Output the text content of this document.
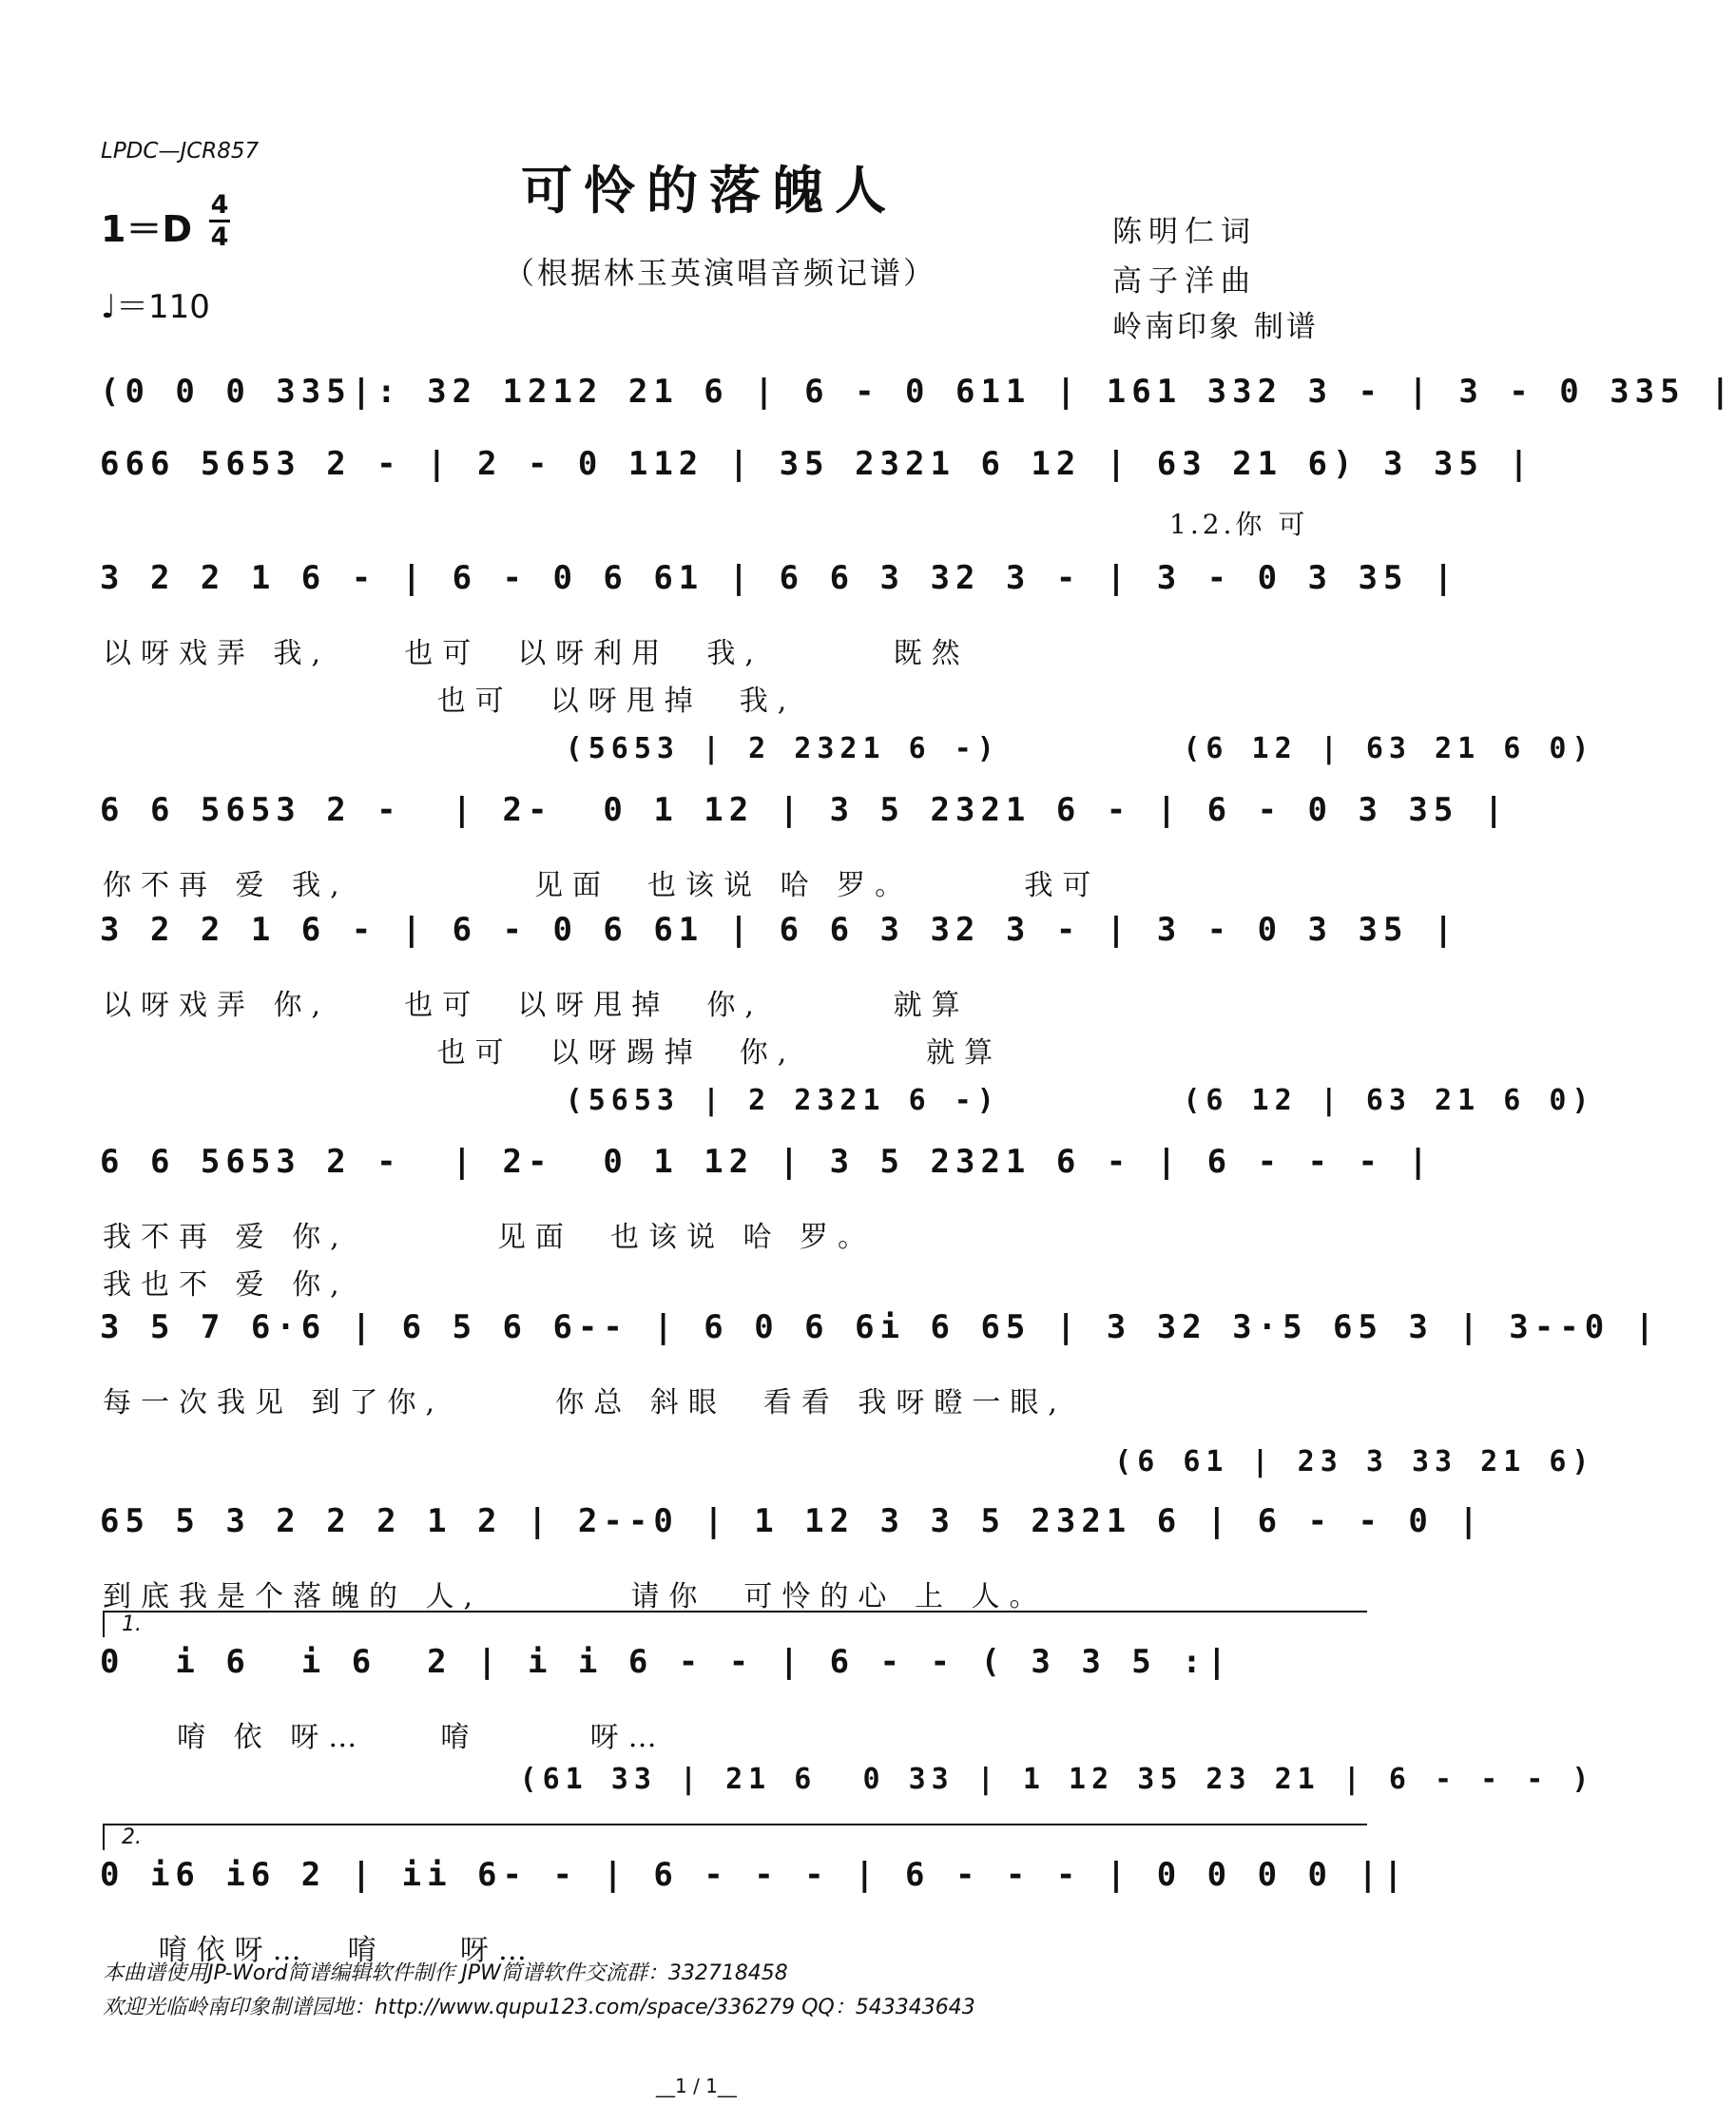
LPDC—JCR857
可怜的落魄人
（根据林玉英演唱音频记谱）
1＝D
4
4
♩＝110
陈明仁词
高子洋曲
岭南印象 制谱
(0 0 0 335|: 32 1212 21 6 | 6 - 0 611 | 161 332 3 - | 3 - 0 335 |
666 5653 2 - | 2 - 0 112 | 35 2321 6 12 | 63 21 6) 3 35 |
1.2.你 可
3 2 2 1 6 - | 6 - 0 6 61 | 6 6 3 32 3 - | 3 - 0 3 35 |
以呀戏弄 我,    也可  以呀利用  我,       既然
也可  以呀甩掉  我,
(5653 | 2 2321 6 -)        (6 12 | 63 21 6 0)
6 6 5653 2 -  | 2-  0 1 12 | 3 5 2321 6 - | 6 - 0 3 35 |
你不再 爱 我,          见面  也该说 哈 罗。      我可
3 2 2 1 6 - | 6 - 0 6 61 | 6 6 3 32 3 - | 3 - 0 3 35 |
以呀戏弄 你,    也可  以呀甩掉  你,       就算
也可  以呀踢掉  你,       就算
(5653 | 2 2321 6 -)        (6 12 | 63 21 6 0)
6 6 5653 2 -  | 2-  0 1 12 | 3 5 2321 6 - | 6 - - - |
我不再 爱 你,        见面  也该说 哈 罗。
我也不 爱 你,
3 5 7 6·6 | 6 5 6 6-- | 6 0 6 6i 6 65 | 3 32 3·5 65 3 | 3--0 |
每一次我见 到了你,      你总 斜眼  看看 我呀瞪一眼,
(6 61 | 23 3 33 21 6)
65 5 3 2 2 2 1 2 | 2--0 | 1 12 3 3 5 2321 6 | 6 - - 0 |
到底我是个落魄的 人,        请你  可怜的心 上 人。
0  i 6  i 6  2 | i i 6 - - | 6 - - ( 3 3 5 :|
1.
唷 依 呀…    唷      呀…
(61 33 | 21 6  0 33 | 1 12 35 23 21 | 6 - - - )
0 i6 i6 2 | ii 6- - | 6 - - - | 6 - - - | 0 0 0 0 ||
2.
唷依呀…  唷    呀…
本曲谱使用JP-Word简谱编辑软件制作 JPW简谱软件交流群：332718458
欢迎光临岭南印象制谱园地：http://www.qupu123.com/space/336279 QQ：543343643
__1 / 1__
